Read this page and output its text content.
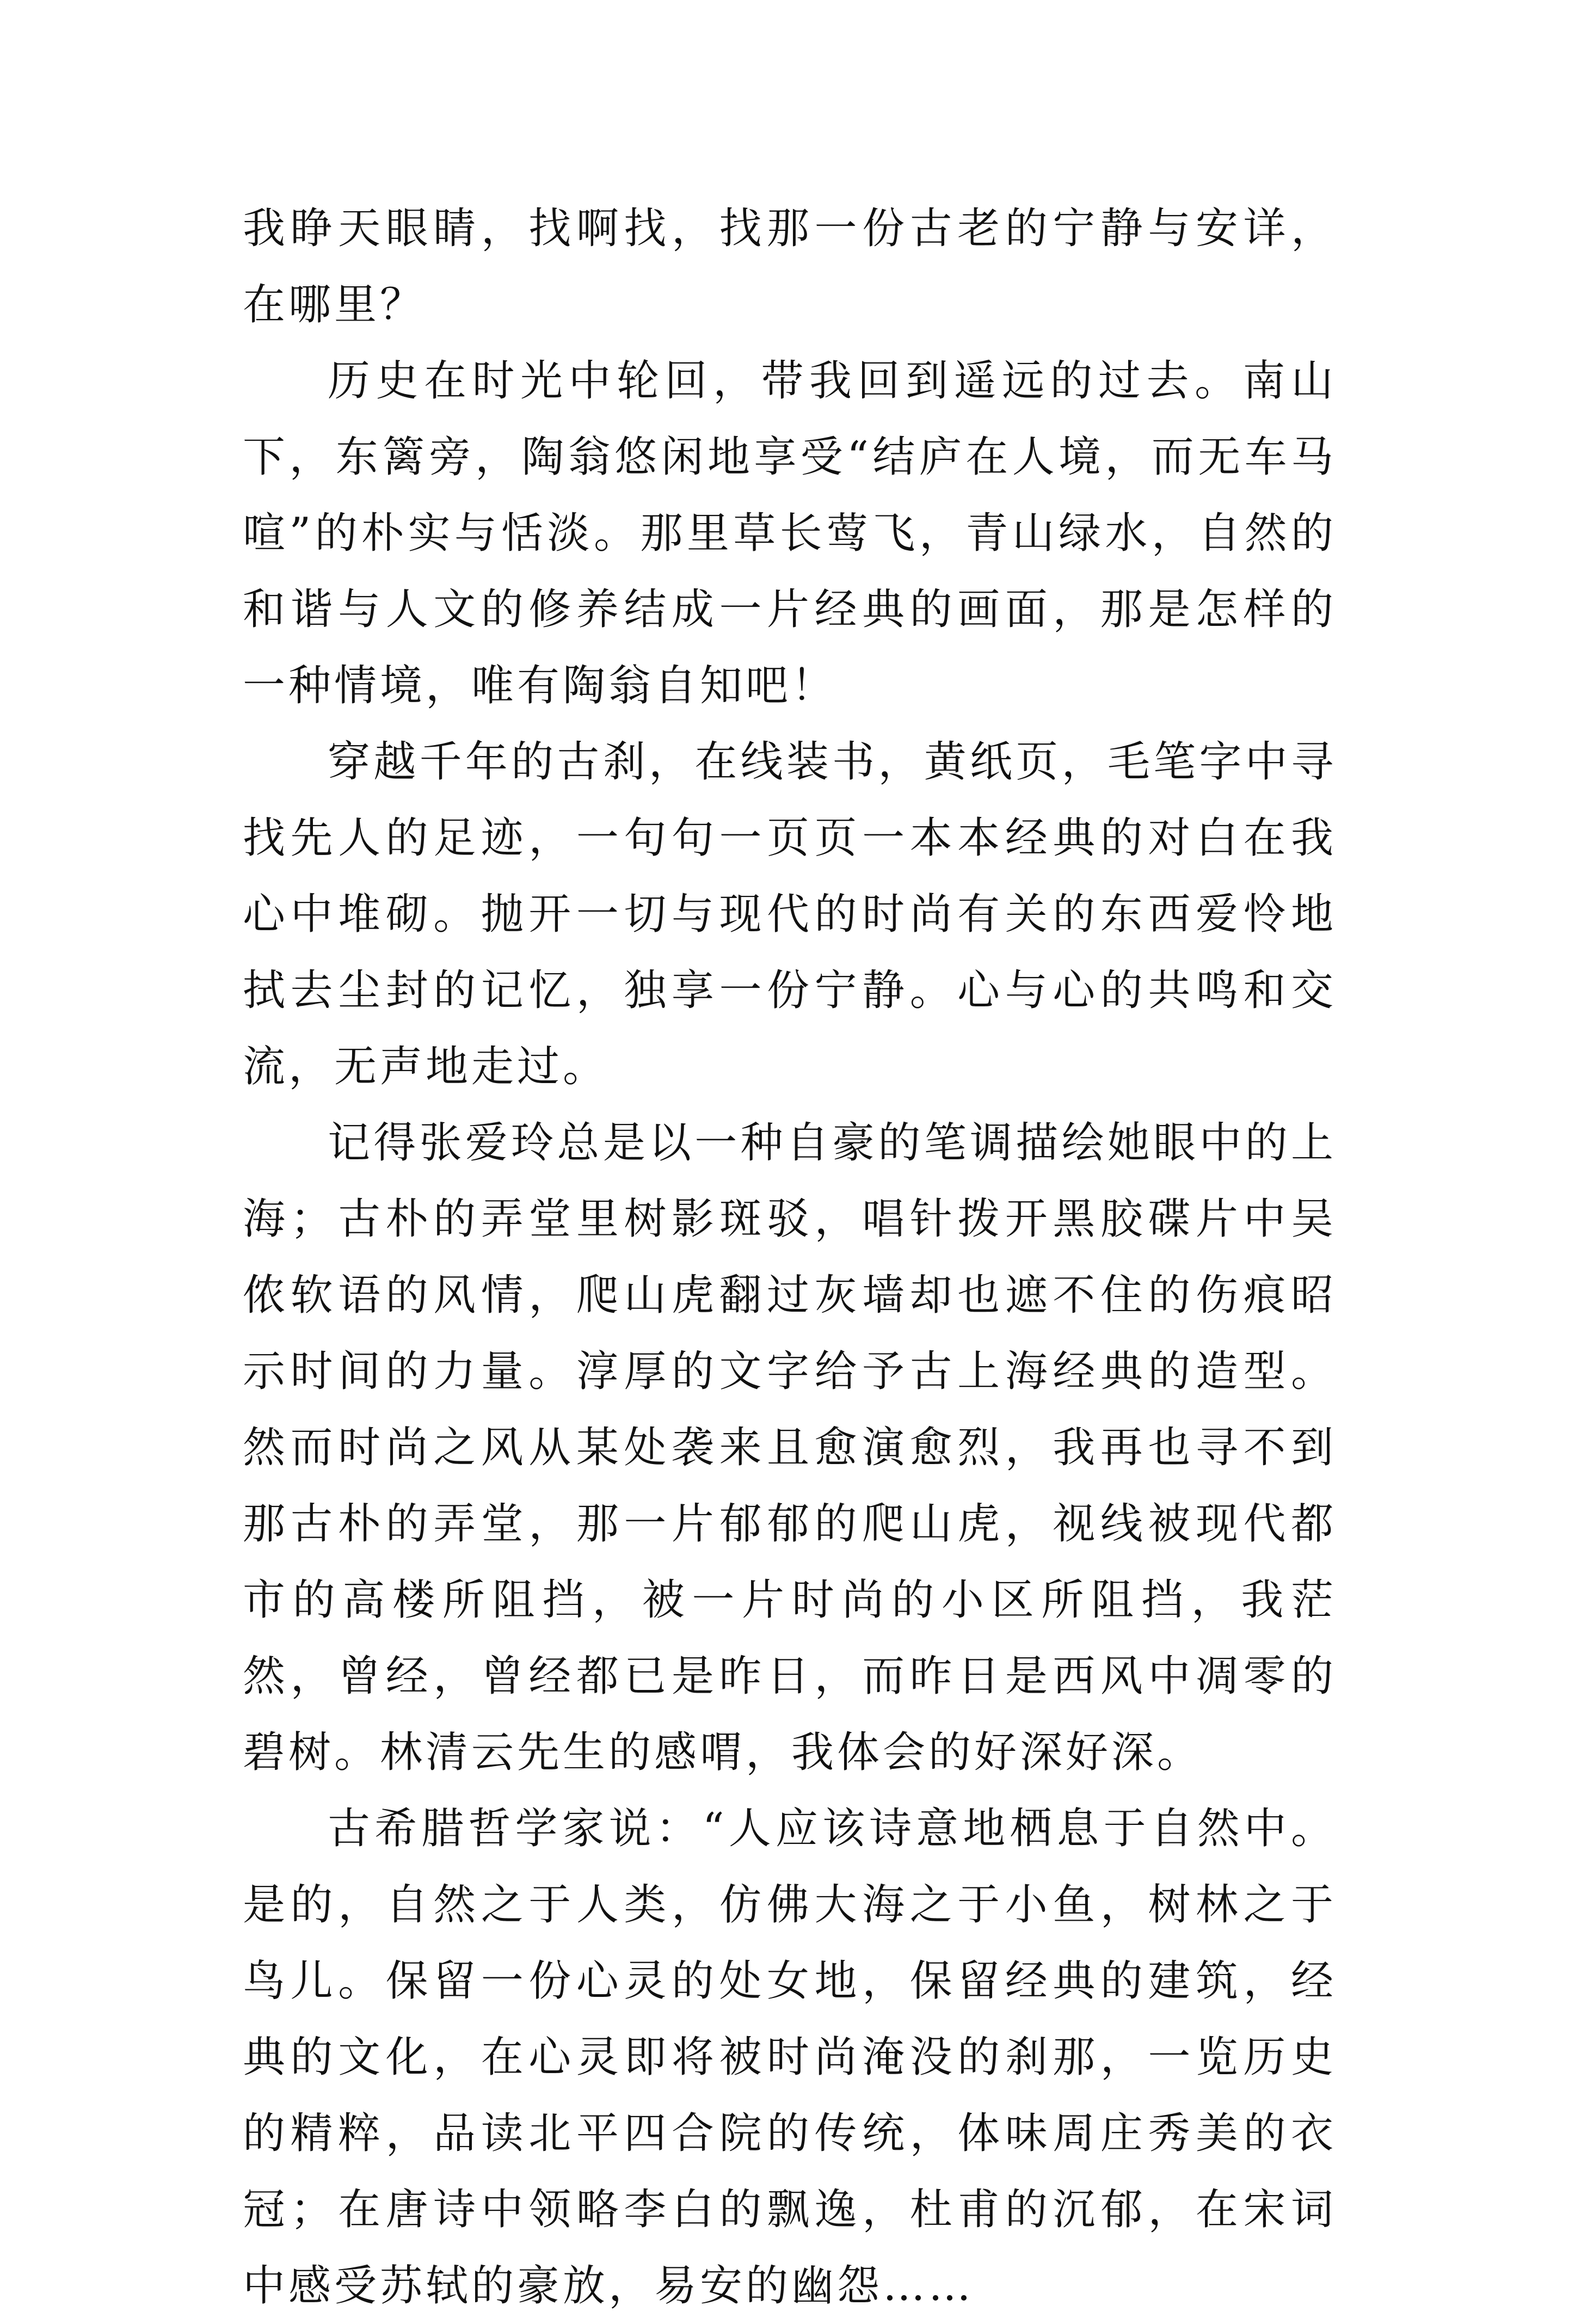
我睁天眼睛，找啊找，找那一份古老的宁静与安详，在哪里？

历史在时光中轮回，带我回到遥远的过去。南山下，东篱旁，陶翁悠闲地享受“结庐在人境，而无车马喧”的朴实与恬淡。那里草长莺飞，青山绿水，自然的和谐与人文的修养结成一片经典的画面，那是怎样的一种情境，唯有陶翁自知吧！

穿越千年的古刹，在线装书，黄纸页，毛笔字中寻找先人的足迹，一句句一页页一本本经典的对白在我心中堆砌。抛开一切与现代的时尚有关的东西爱怜地拭去尘封的记忆，独享一份宁静。心与心的共鸣和交流，无声地走过。

记得张爱玲总是以一种自豪的笔调描绘她眼中的上海；古朴的弄堂里树影斑驳，唱针拨开黑胶碟片中吴侬软语的风情，爬山虎翻过灰墙却也遮不住的伤痕昭示时间的力量。淳厚的文字给予古上海经典的造型。然而时尚之风从某处袭来且愈演愈烈，我再也寻不到那古朴的弄堂，那一片郁郁的爬山虎，视线被现代都市的高楼所阻挡，被一片时尚的小区所阻挡，我茫然，曾经，曾经都已是昨日，而昨日是西风中凋零的碧树。林清云先生的感喟，我体会的好深好深。

古希腊哲学家说：“人应该诗意地栖息于自然中。是的，自然之于人类，仿佛大海之于小鱼，树林之于鸟儿。保留一份心灵的处女地，保留经典的建筑，经典的文化，在心灵即将被时尚淹没的刹那，一览历史的精粹，品读北平四合院的传统，体味周庄秀美的衣冠；在唐诗中领略李白的飘逸，杜甫的沉郁，在宋词中感受苏轼的豪放，易安的幽怨……
